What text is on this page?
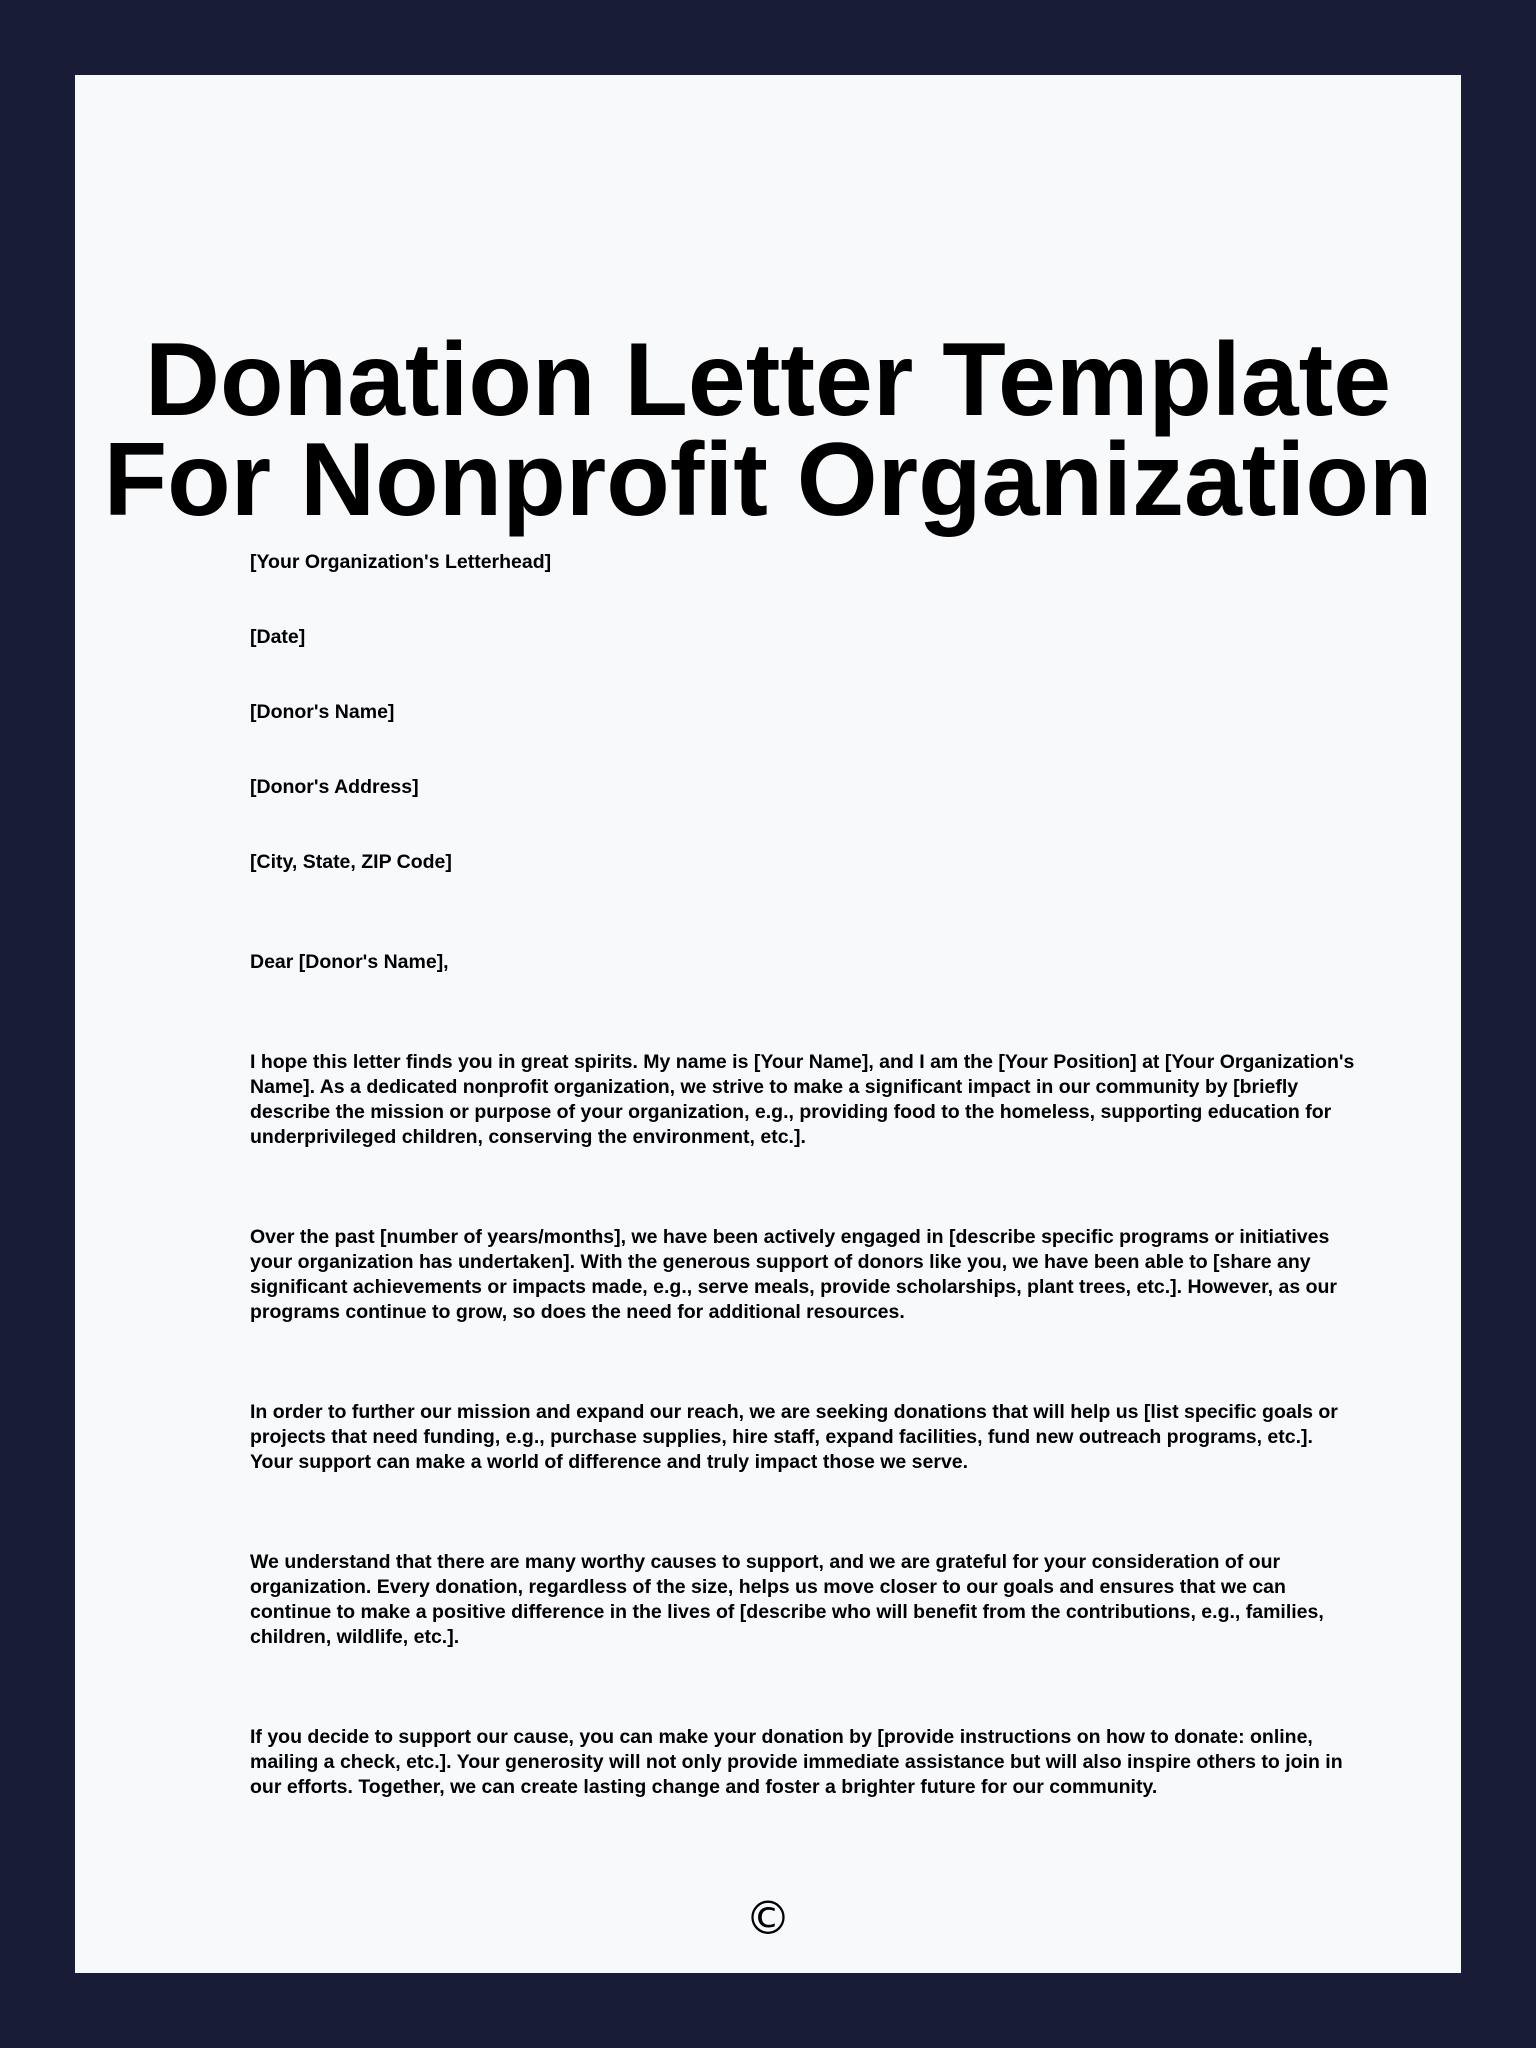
Donation Letter Template For Nonprofit Organization

[Your Organization's Letterhead]

[Date]

[Donor's Name]

[Donor's Address]

[City, State, ZIP Code]

Dear [Donor's Name],

I hope this letter finds you in great spirits. My name is [Your Name], and I am the [Your Position] at [Your Organization's Name]. As a dedicated nonprofit organization, we strive to make a significant impact in our community by [briefly describe the mission or purpose of your organization, e.g., providing food to the homeless, supporting education for underprivileged children, conserving the environment, etc.].

Over the past [number of years/months], we have been actively engaged in [describe specific programs or initiatives your organization has undertaken]. With the generous support of donors like you, we have been able to [share any significant achievements or impacts made, e.g., serve meals, provide scholarships, plant trees, etc.]. However, as our programs continue to grow, so does the need for additional resources.

In order to further our mission and expand our reach, we are seeking donations that will help us [list specific goals or projects that need funding, e.g., purchase supplies, hire staff, expand facilities, fund new outreach programs, etc.]. Your support can make a world of difference and truly impact those we serve.

We understand that there are many worthy causes to support, and we are grateful for your consideration of our organization. Every donation, regardless of the size, helps us move closer to our goals and ensures that we can continue to make a positive difference in the lives of [describe who will benefit from the contributions, e.g., families, children, wildlife, etc.].

If you decide to support our cause, you can make your donation by [provide instructions on how to donate: online, mailing a check, etc.]. Your generosity will not only provide immediate assistance but will also inspire others to join in our efforts. Together, we can create lasting change and foster a brighter future for our community.

©
